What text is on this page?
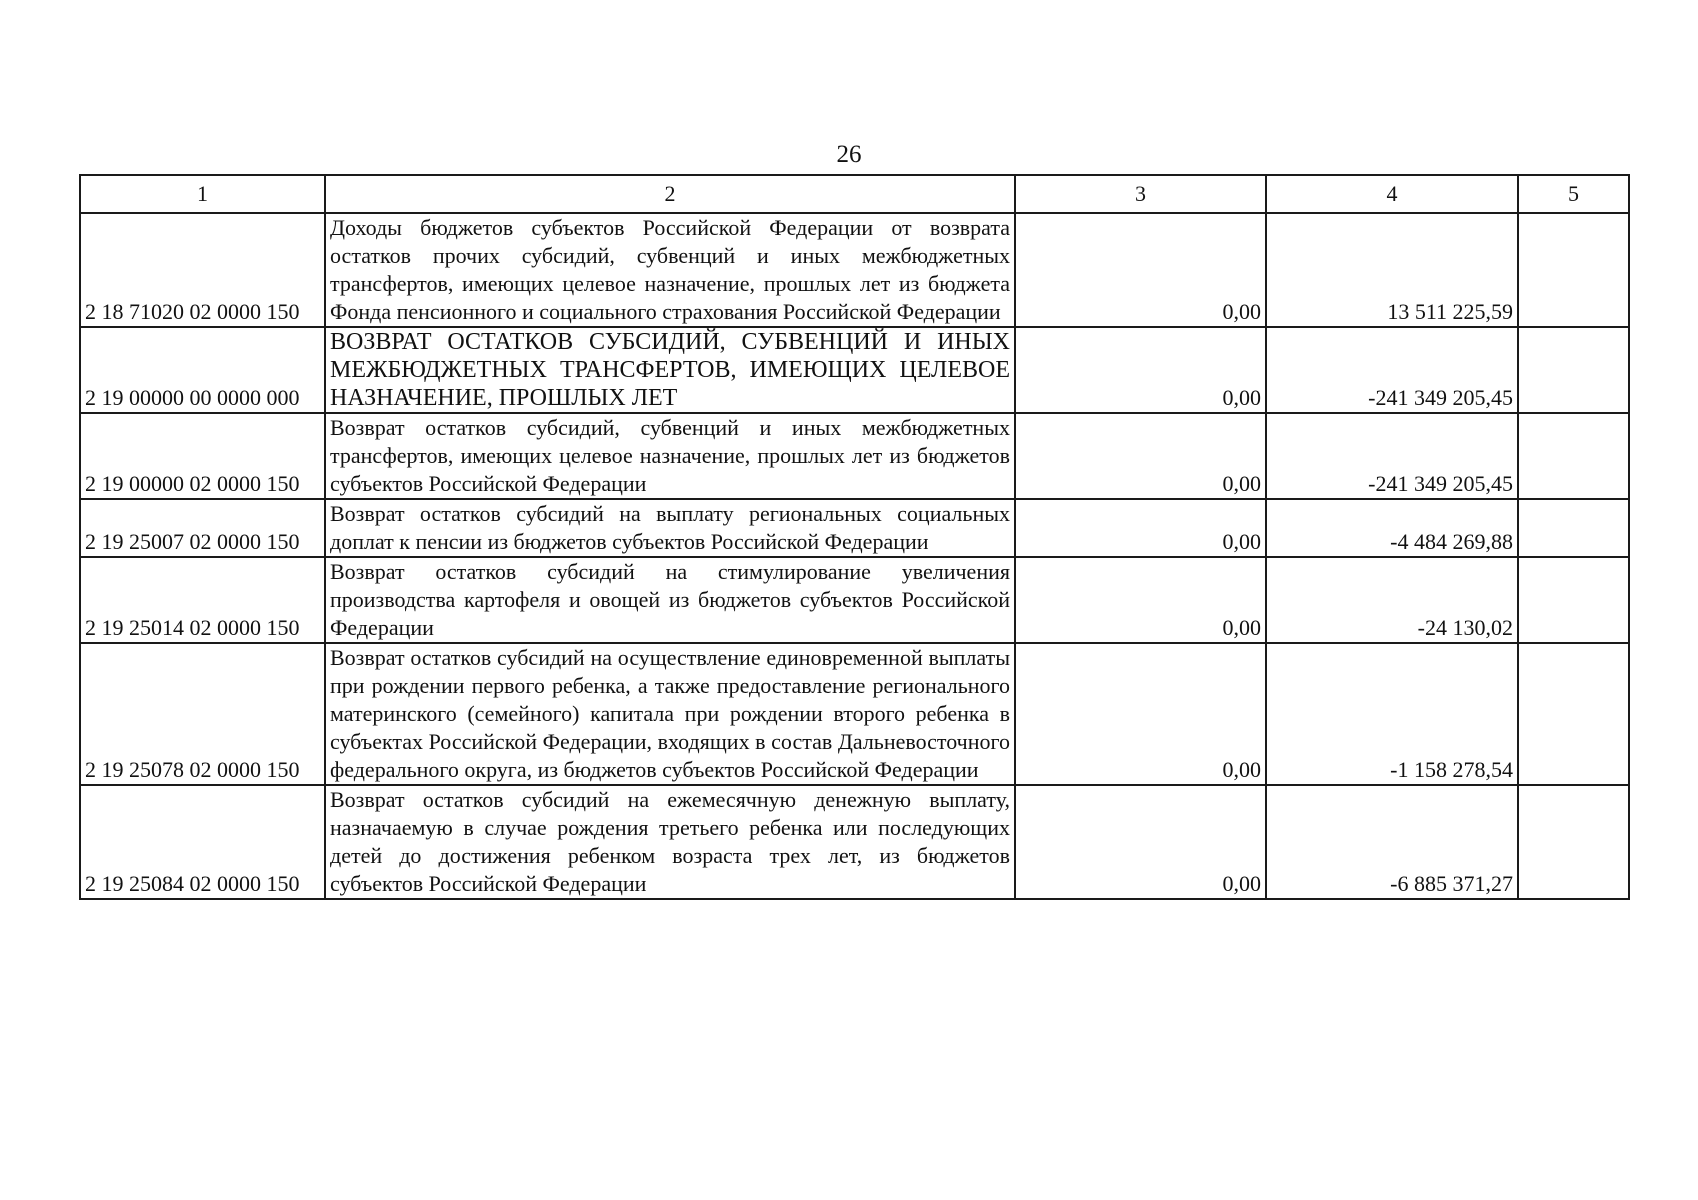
26
1	2	3	4	5
2 18 71020 02 0000 150	Доходы бюджетов субъектов Российской Федерации от возврата остатков прочих субсидий, субвенций и иных межбюджетных трансфертов, имеющих целевое назначение, прошлых лет из бюджета Фонда пенсионного и социального страхования Российской Федерации	0,00	13 511 225,59	
2 19 00000 00 0000 000	ВОЗВРАТ ОСТАТКОВ СУБСИДИЙ, СУБВЕНЦИЙ И ИНЫХ МЕЖБЮДЖЕТНЫХ ТРАНСФЕРТОВ, ИМЕЮЩИХ ЦЕЛЕВОЕ НАЗНАЧЕНИЕ, ПРОШЛЫХ ЛЕТ	0,00	-241 349 205,45	
2 19 00000 02 0000 150	Возврат остатков субсидий, субвенций и иных межбюджетных трансфертов, имеющих целевое назначение, прошлых лет из бюджетов субъектов Российской Федерации	0,00	-241 349 205,45	
2 19 25007 02 0000 150	Возврат остатков субсидий на выплату региональных социальных доплат к пенсии из бюджетов субъектов Российской Федерации	0,00	-4 484 269,88	
2 19 25014 02 0000 150	Возврат остатков субсидий на стимулирование увеличения производства картофеля и овощей из бюджетов субъектов Российской Федерации	0,00	-24 130,02	
2 19 25078 02 0000 150	Возврат остатков субсидий на осуществление единовременной выплаты при рождении первого ребенка, а также предоставление регионального материнского (семейного) капитала при рождении второго ребенка в субъектах Российской Федерации, входящих в состав Дальневосточного федерального округа, из бюджетов субъектов Российской Федерации	0,00	-1 158 278,54	
2 19 25084 02 0000 150	Возврат остатков субсидий на ежемесячную денежную выплату, назначаемую в случае рождения третьего ребенка или последующих детей до достижения ребенком возраста трех лет, из бюджетов субъектов Российской Федерации	0,00	-6 885 371,27	
